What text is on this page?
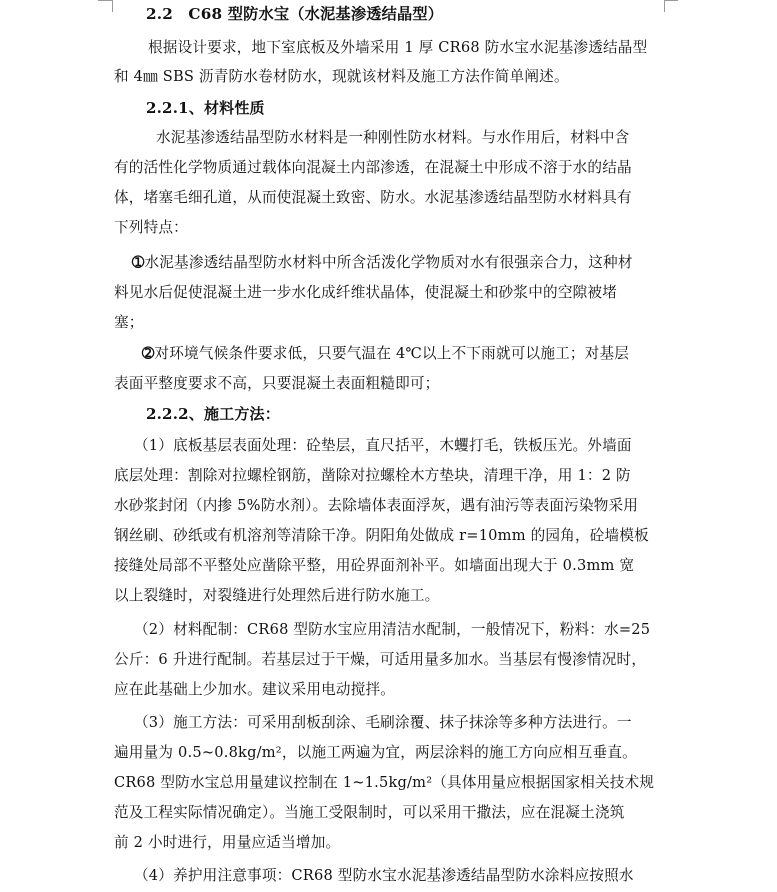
2.2　C68 型防水宝（水泥基渗透结晶型）
根据设计要求，地下室底板及外墙采用 1 厚 CR68 防水宝水泥基渗透结晶型
和 4㎜ SBS 沥青防水卷材防水，现就该材料及施工方法作简单阐述。
2.2.1、材料性质
水泥基渗透结晶型防水材料是一种刚性防水材料。与水作用后，材料中含
有的活性化学物质通过载体向混凝土内部渗透，在混凝土中形成不溶于水的结晶
体，堵塞毛细孔道，从而使混凝土致密、防水。水泥基渗透结晶型防水材料具有
下列特点：
➀水泥基渗透结晶型防水材料中所含活泼化学物质对水有很强亲合力，这种材
料见水后促使混凝土进一步水化成纤维状晶体，使混凝土和砂浆中的空隙被堵
塞；
➁对环境气候条件要求低，只要气温在 4℃以上不下雨就可以施工；对基层
表面平整度要求不高，只要混凝土表面粗糙即可；
2.2.2、施工方法：
（1）底板基层表面处理：砼垫层，直尺括平，木蠼打毛，铁板压光。外墙面
底层处理：割除对拉螺栓钢筋，凿除对拉螺栓木方垫块，清理干净，用 1：2 防
水砂浆封闭（内掺 5%防水剂）。去除墙体表面浮灰，遇有油污等表面污染物采用
钢丝刷、砂纸或有机溶剂等清除干净。阴阳角处做成 r=10mm 的园角，砼墙模板
接缝处局部不平整处应凿除平整，用砼界面剂补平。如墙面出现大于 0.3mm 宽
以上裂缝时，对裂缝进行处理然后进行防水施工。
（2）材料配制：CR68 型防水宝应用清洁水配制，一般情况下，粉料：水=25
公斤：6 升进行配制。若基层过于干燥，可适用量多加水。当基层有慢渗情况时，
应在此基础上少加水。建议采用电动搅拌。
（3）施工方法：可采用刮板刮涂、毛刷涂覆、抹子抹涂等多种方法进行。一
遍用量为 0.5~0.8kg/m²，以施工两遍为宜，两层涂料的施工方向应相互垂直。
CR68 型防水宝总用量建议控制在 1~1.5kg/m²（具体用量应根据国家相关技术规
范及工程实际情况确定）。当施工受限制时，可以采用干撒法，应在混凝土浇筑
前 2 小时进行，用量应适当增加。
（4）养护用注意事项：CR68 型防水宝水泥基渗透结晶型防水涂料应按照水
